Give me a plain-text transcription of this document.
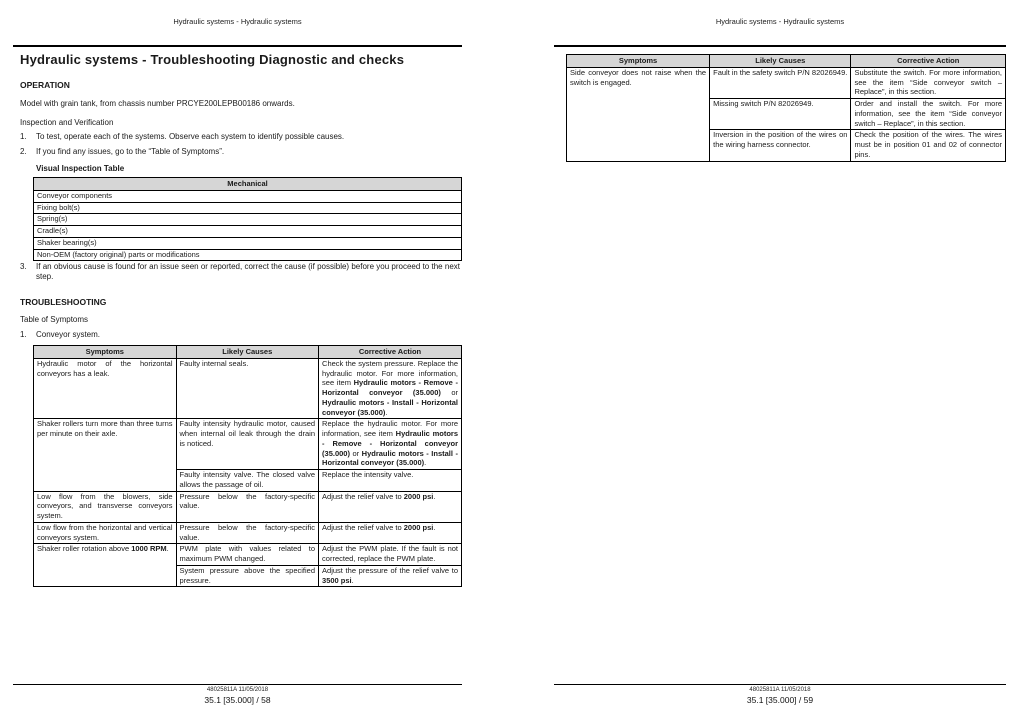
Hydraulic systems - Hydraulic systems
Hydraulic systems - Troubleshooting Diagnostic and checks
OPERATION
Model with grain tank, from chassis number PRCYE200LEPB00186 onwards.
Inspection and Verification
1.	To test, operate each of the systems. Observe each system to identify possible causes.
2.	If you find any issues, go to the “Table of Symptoms”.
Visual Inspection Table
Mechanical
Conveyor components
Fixing bolt(s)
Spring(s)
Cradle(s)
Shaker bearing(s)
Non-OEM (factory original) parts or modifications
3.	If an obvious cause is found for an issue seen or reported, correct the cause (if possible) before you proceed to the next step.
TROUBLESHOOTING
Table of Symptoms
1.	Conveyor system.
Symptoms	Likely Causes	Corrective Action
Hydraulic motor of the horizontal conveyors has a leak.	Faulty internal seals.	Check the system pressure. Replace the hydraulic motor. For more information, see item Hydraulic motors - Remove - Horizontal conveyor (35.000) or Hydraulic motors - Install - Horizontal conveyor (35.000).
Shaker rollers turn more than three turns per minute on their axle.	Faulty intensity hydraulic motor, caused when internal oil leak through the drain is noticed.	Replace the hydraulic motor. For more information, see item Hydraulic motors - Remove - Horizontal conveyor (35.000) or Hydraulic motors - Install - Horizontal conveyor (35.000).
	Faulty intensity valve. The closed valve allows the passage of oil.	Replace the intensity valve.
Low flow from the blowers, side conveyors, and transverse conveyors system.	Pressure below the factory-specific value.	Adjust the relief valve to 2000 psi.
Low flow from the horizontal and vertical conveyors system.	Pressure below the factory-specific value.	Adjust the relief valve to 2000 psi.
Shaker roller rotation above 1000 RPM.	PWM plate with values related to maximum PWM changed.	Adjust the PWM plate. If the fault is not corrected, replace the PWM plate.
	System pressure above the specified pressure.	Adjust the pressure of the relief valve to 3500 psi.
48025811A 11/05/2018
35.1 [35.000] / 58
Hydraulic systems - Hydraulic systems
Symptoms	Likely Causes	Corrective Action
Side conveyor does not raise when the switch is engaged.	Fault in the safety switch P/N 82026949.	Substitute the switch. For more information, see the item “Side conveyor switch – Replace”, in this section.
	Missing switch P/N 82026949.	Order and install the switch. For more information, see the item “Side conveyor switch – Replace”, in this section.
	Inversion in the position of the wires on the wiring harness connector.	Check the position of the wires. The wires must be in position 01 and 02 of connector pins.
48025811A 11/05/2018
35.1 [35.000] / 59
